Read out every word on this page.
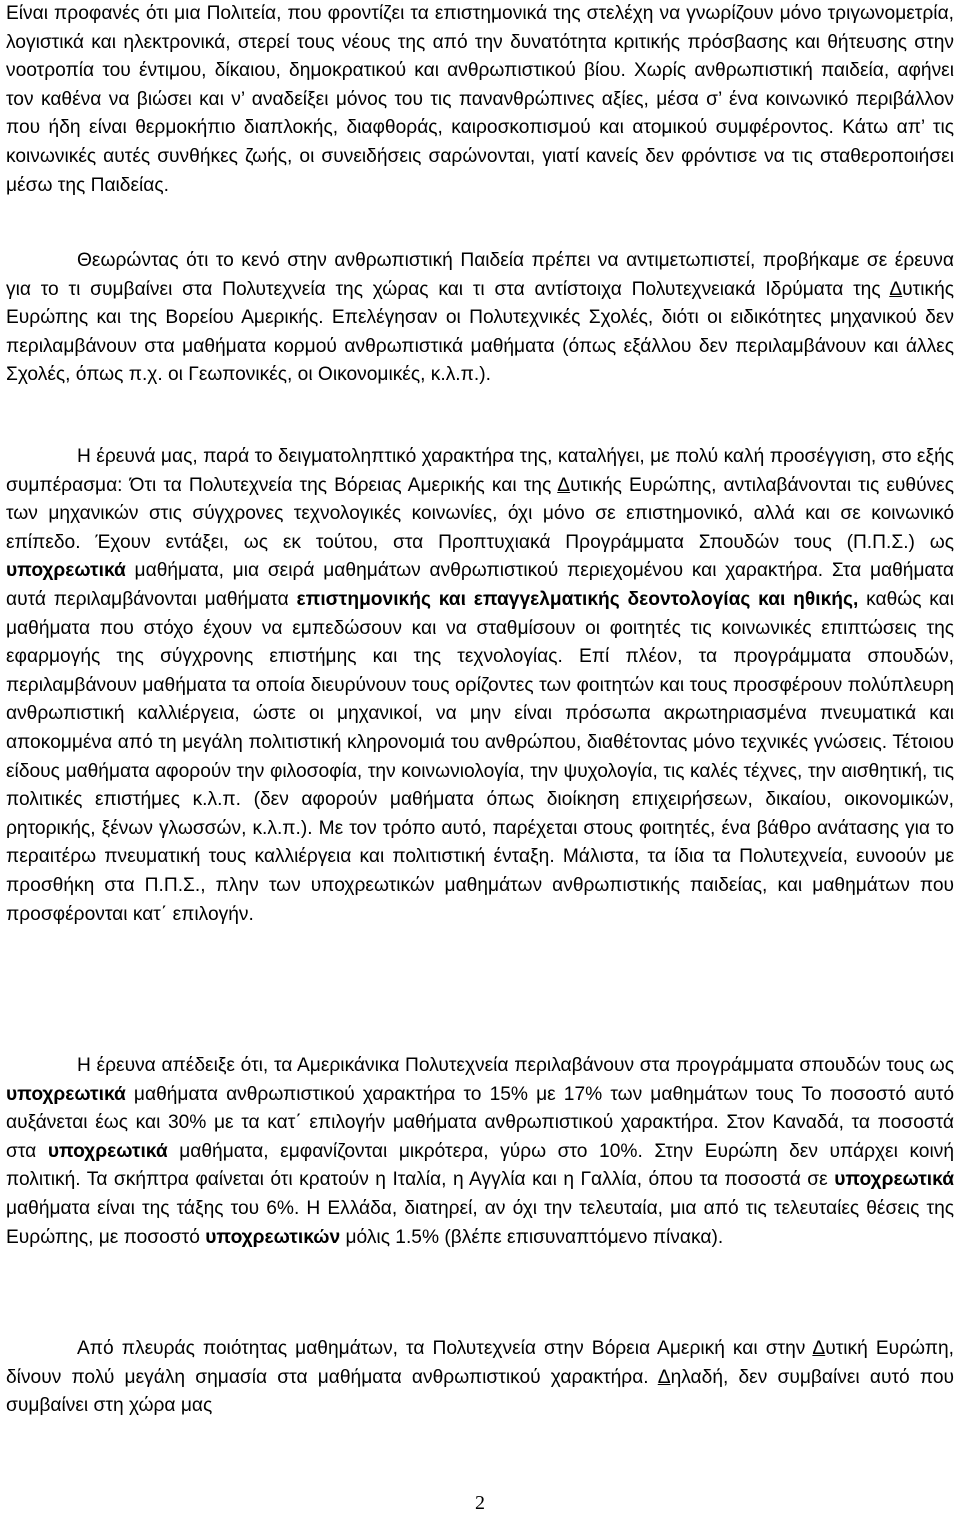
Είναι προφανές ότι μια Πολιτεία, που φροντίζει τα επιστημονικά της στελέχη να γνωρίζουν μόνο τριγωνομετρία, λογιστικά και ηλεκτρονικά, στερεί τους νέους της από την δυνατότητα κριτικής πρόσβασης και θήτευσης στην νοοτροπία του έντιμου, δίκαιου, δημοκρατικού και ανθρωπιστικού βίου. Χωρίς ανθρωπιστική παιδεία, αφήνει τον καθένα να βιώσει και ν’ αναδείξει μόνος του τις πανανθρώπινες αξίες, μέσα σ’ ένα κοινωνικό περιβάλλον που ήδη είναι θερμοκήπιο διαπλοκής, διαφθοράς, καιροσκοπισμού και ατομικού συμφέροντος. Κάτω απ’ τις κοινωνικές αυτές συνθήκες ζωής, οι συνειδήσεις σαρώνονται, γιατί κανείς δεν φρόντισε να τις σταθεροποιήσει μέσω της Παιδείας.

Θεωρώντας ότι το κενό στην ανθρωπιστική Παιδεία πρέπει να αντιμετωπιστεί, προβήκαμε σε έρευνα για το τι συμβαίνει στα Πολυτεχνεία της χώρας και τι στα αντίστοιχα Πολυτεχνειακά Ιδρύματα της Δυτικής Ευρώπης και της Βορείου Αμερικής. Επελέγησαν οι Πολυτεχνικές Σχολές, διότι οι ειδικότητες μηχανικού δεν περιλαμβάνουν στα μαθήματα κορμού ανθρωπιστικά μαθήματα (όπως εξάλλου δεν περιλαμβάνουν και άλλες Σχολές, όπως π.χ. οι Γεωπονικές, οι Οικονομικές, κ.λ.π.).

Η έρευνά μας, παρά το δειγματοληπτικό χαρακτήρα της, καταλήγει, με πολύ καλή προσέγγιση, στο εξής συμπέρασμα: Ότι τα Πολυτεχνεία της Βόρειας Αμερικής και της Δυτικής Ευρώπης, αντιλαβάνονται τις ευθύνες των μηχανικών στις σύγχρονες τεχνολογικές κοινωνίες, όχι μόνο σε επιστημονικό, αλλά και σε κοινωνικό επίπεδο. Έχουν εντάξει, ως εκ τούτου, στα Προπτυχιακά Προγράμματα Σπουδών τους (Π.Π.Σ.) ως υποχρεωτικά μαθήματα, μια σειρά μαθημάτων ανθρωπιστικού περιεχομένου και χαρακτήρα. Στα μαθήματα αυτά περιλαμβάνονται μαθήματα επιστημονικής και επαγγελματικής δεοντολογίας και ηθικής, καθώς και μαθήματα που στόχο έχουν να εμπεδώσουν και να σταθμίσουν οι φοιτητές τις κοινωνικές επιπτώσεις της εφαρμογής της σύγχρονης επιστήμης και της τεχνολογίας. Επί πλέον, τα προγράμματα σπουδών, περιλαμβάνουν μαθήματα τα οποία διευρύνουν τους ορίζοντες των φοιτητών και τους προσφέρουν πολύπλευρη ανθρωπιστική καλλιέργεια, ώστε οι μηχανικοί, να μην είναι πρόσωπα ακρωτηριασμένα πνευματικά και αποκομμένα από τη μεγάλη πολιτιστική κληρονομιά του ανθρώπου, διαθέτοντας μόνο τεχνικές γνώσεις. Τέτοιου είδους μαθήματα αφορούν την φιλοσοφία, την κοινωνιολογία, την ψυχολογία, τις καλές τέχνες, την αισθητική, τις πολιτικές επιστήμες κ.λ.π. (δεν αφορούν μαθήματα όπως διοίκηση επιχειρήσεων, δικαίου, οικονομικών, ρητορικής, ξένων γλωσσών, κ.λ.π.). Με τον τρόπο αυτό, παρέχεται στους φοιτητές, ένα βάθρο ανάτασης για το περαιτέρω πνευματική τους καλλιέργεια και πολιτιστική ένταξη. Μάλιστα, τα ίδια τα Πολυτεχνεία, ευνοούν με προσθήκη στα Π.Π.Σ., πλην των υποχρεωτικών μαθημάτων ανθρωπιστικής παιδείας, και μαθημάτων που προσφέρονται κατ΄ επιλογήν.

Η έρευνα απέδειξε ότι, τα Αμερικάνικα Πολυτεχνεία περιλαβάνουν στα προγράμματα σπουδών τους ως υποχρεωτικά μαθήματα ανθρωπιστικού χαρακτήρα το 15% με 17% των μαθημάτων τους Το ποσοστό αυτό αυξάνεται έως και 30% με τα κατ΄ επιλογήν μαθήματα ανθρωπιστικού χαρακτήρα. Στον Καναδά, τα ποσοστά στα υποχρεωτικά μαθήματα, εμφανίζονται μικρότερα, γύρω στο 10%. Στην Ευρώπη δεν υπάρχει κοινή πολιτική. Τα σκήπτρα φαίνεται ότι κρατούν η Ιταλία, η Αγγλία και η Γαλλία, όπου τα ποσοστά σε υποχρεωτικά μαθήματα είναι της τάξης του 6%. Η Ελλάδα, διατηρεί, αν όχι την τελευταία, μια από τις τελευταίες θέσεις της Ευρώπης, με ποσοστό υποχρεωτικών μόλις 1.5% (βλέπε επισυναπτόμενο πίνακα).

Από πλευράς ποιότητας μαθημάτων, τα Πολυτεχνεία στην Βόρεια Αμερική και στην Δυτική Ευρώπη, δίνουν πολύ μεγάλη σημασία στα μαθήματα ανθρωπιστικού χαρακτήρα. Δηλαδή, δεν συμβαίνει αυτό που συμβαίνει στη χώρα μας

2
